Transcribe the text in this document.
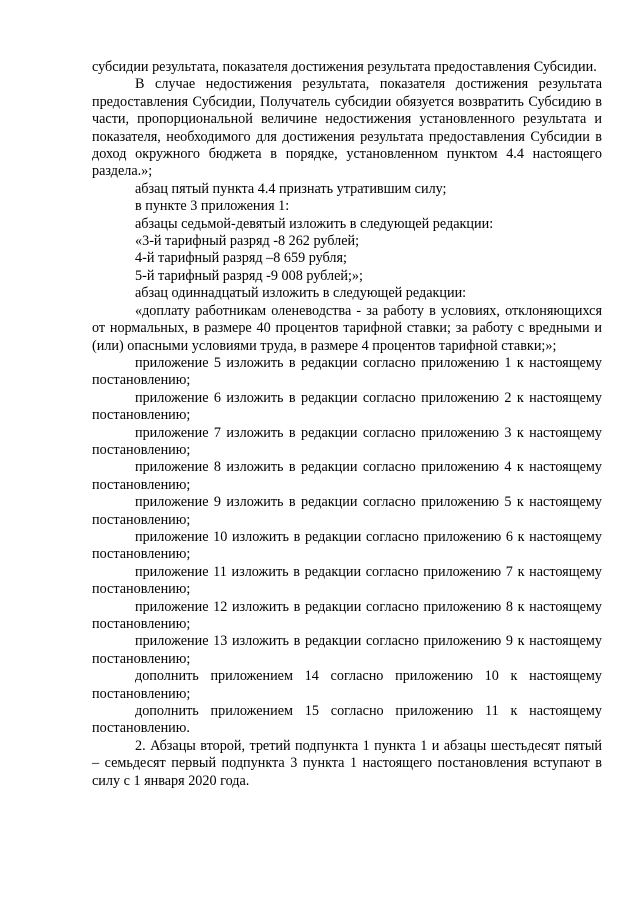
субсидии результата, показателя достижения результата предоставления Субсидии.

В случае недостижения результата, показателя достижения результата предоставления Субсидии, Получатель субсидии обязуется возвратить Субсидию в части, пропорциональной величине недостижения установленного результата и показателя, необходимого для достижения результата предоставления Субсидии в доход окружного бюджета в порядке, установленном пунктом 4.4 настоящего раздела.»;

абзац пятый пункта 4.4 признать утратившим силу;

в пункте 3 приложения 1:

абзацы седьмой-девятый изложить в следующей редакции:

«3-й тарифный разряд -8 262 рублей;

4-й тарифный разряд –8 659 рубля;

5-й тарифный разряд -9 008 рублей;»;

абзац одиннадцатый изложить в следующей редакции:

«доплату работникам оленеводства - за работу в условиях, отклоняющихся от нормальных, в размере 40 процентов тарифной ставки; за работу с вредными и (или) опасными условиями труда, в размере 4 процентов тарифной ставки;»;

приложение 5 изложить в редакции согласно приложению 1 к настоящему постановлению;

приложение 6 изложить в редакции согласно приложению 2 к настоящему постановлению;

приложение 7 изложить в редакции согласно приложению 3 к настоящему постановлению;

приложение 8 изложить в редакции согласно приложению 4 к настоящему постановлению;

приложение 9 изложить в редакции согласно приложению 5 к настоящему постановлению;

приложение 10 изложить в редакции согласно приложению 6 к настоящему постановлению;

приложение 11 изложить в редакции согласно приложению 7 к настоящему постановлению;

приложение 12 изложить в редакции согласно приложению 8 к настоящему постановлению;

приложение 13 изложить в редакции согласно приложению 9 к настоящему постановлению;

дополнить приложением 14 согласно приложению 10 к настоящему постановлению;

дополнить приложением 15 согласно приложению 11 к настоящему постановлению.

2. Абзацы второй, третий подпункта 1 пункта 1 и абзацы шестьдесят пятый – семьдесят первый подпункта 3 пункта 1 настоящего постановления вступают в силу с 1 января 2020 года.
